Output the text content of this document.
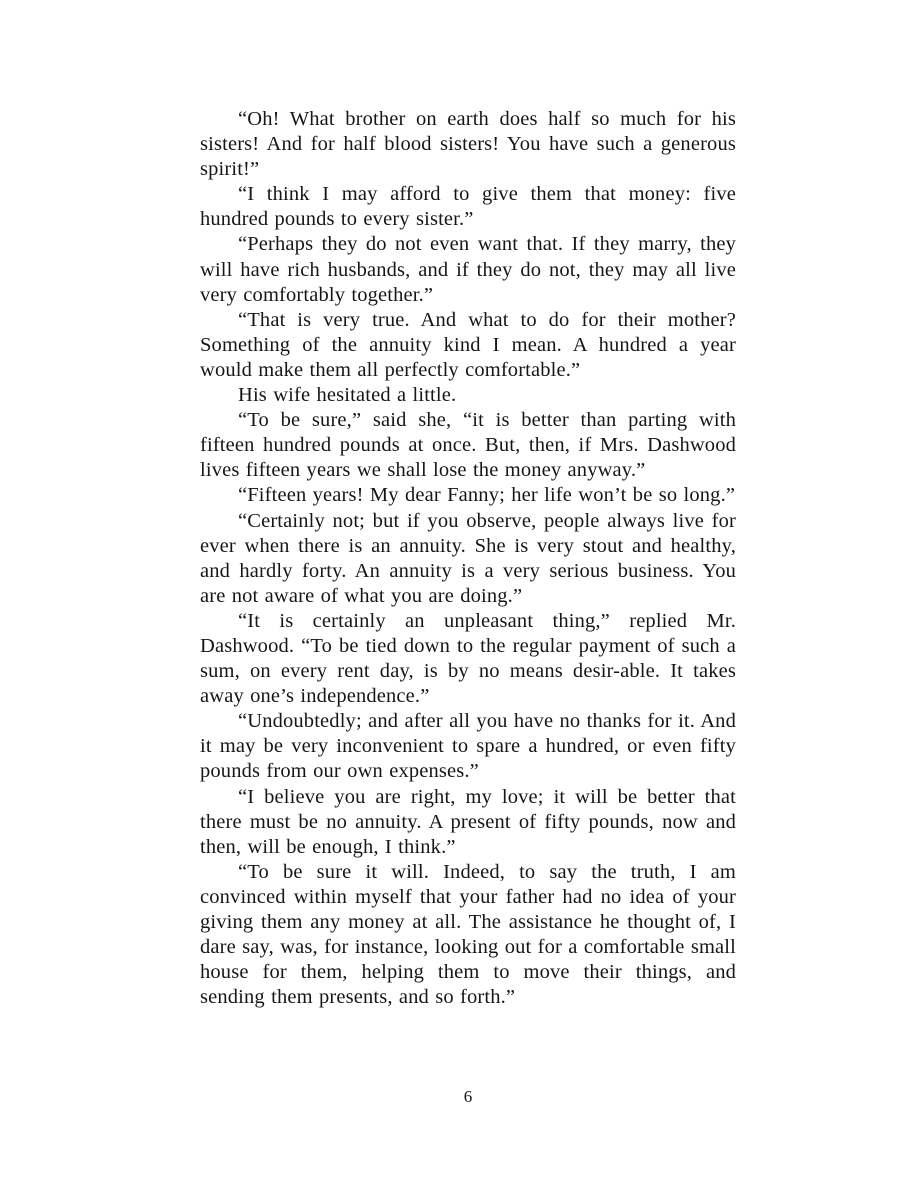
“Oh! What brother on earth does half so much for his sisters! And for half blood sisters! You have such a generous spirit!”

“I think I may afford to give them that money: five hundred pounds to every sister.”

“Perhaps they do not even want that. If they marry, they will have rich husbands, and if they do not, they may all live very comfortably together.”

“That is very true. And what to do for their mother? Something of the annuity kind I mean. A hundred a year would make them all perfectly comfortable.”

His wife hesitated a little.

“To be sure,” said she, “it is better than parting with fifteen hundred pounds at once. But, then, if Mrs. Dashwood lives fifteen years we shall lose the money anyway.”

“Fifteen years! My dear Fanny; her life won’t be so long.”

“Certainly not; but if you observe, people always live for ever when there is an annuity. She is very stout and healthy, and hardly forty. An annuity is a very serious business. You are not aware of what you are doing.”

“It is certainly an unpleasant thing,” replied Mr. Dashwood. “To be tied down to the regular payment of such a sum, on every rent day, is by no means desir-able. It takes away one’s independence.”

“Undoubtedly; and after all you have no thanks for it. And it may be very inconvenient to spare a hundred, or even fifty pounds from our own expenses.”

“I believe you are right, my love; it will be better that there must be no annuity. A present of fifty pounds, now and then, will be enough, I think.”

“To be sure it will. Indeed, to say the truth, I am convinced within myself that your father had no idea of your giving them any money at all. The assistance he thought of, I dare say, was, for instance, looking out for a comfortable small house for them, helping them to move their things, and sending them presents, and so forth.”

6
